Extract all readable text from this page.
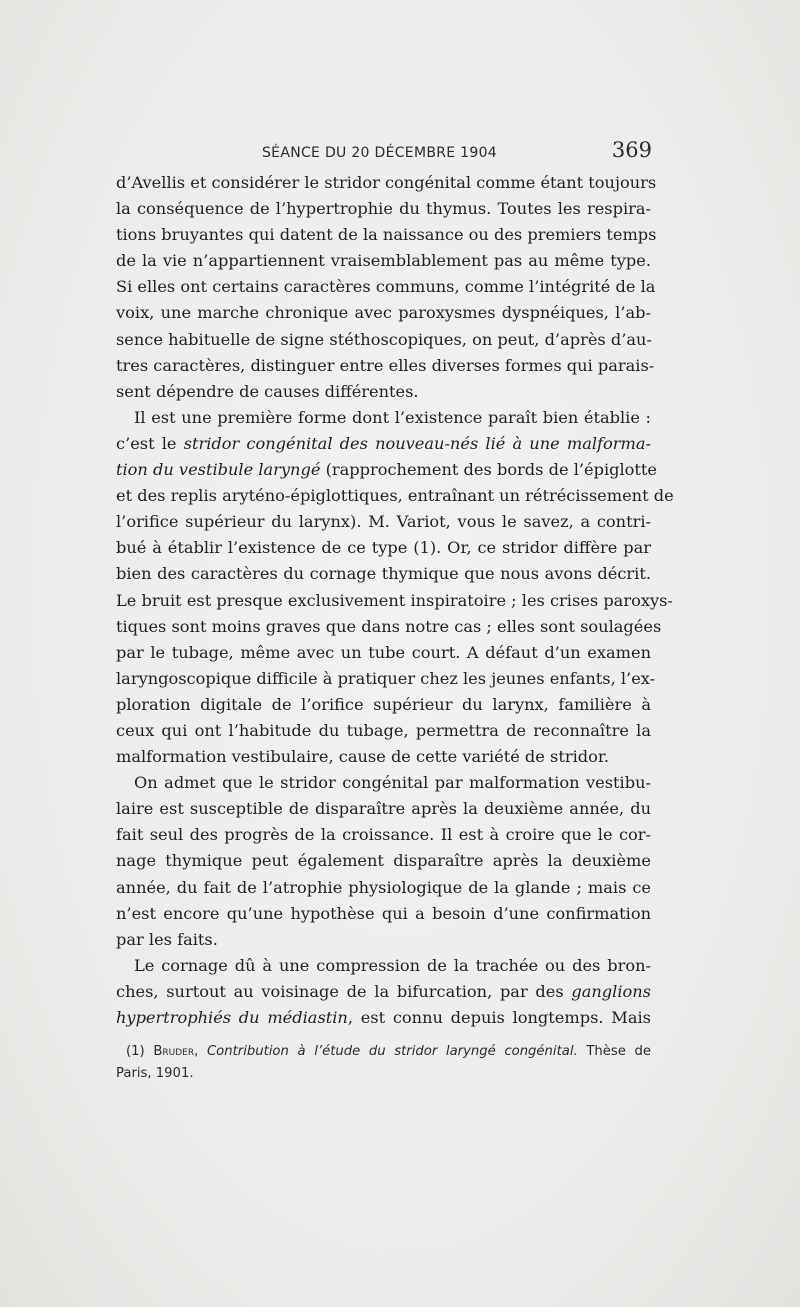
SÉANCE DU 20 DÉCEMBRE 1904	369
d’Avellis et considérer le stridor congénital comme étant toujours
la conséquence de l’hypertrophie du thymus. Toutes les respira-
tions bruyantes qui datent de la naissance ou des premiers temps
de la vie n’appartiennent vraisemblablement pas au même type.
Si elles ont certains caractères communs, comme l’intégrité de la
voix, une marche chronique avec paroxysmes dyspnéiques, l’ab-
sence habituelle de signe stéthoscopiques, on peut, d’après d’au-
tres caractères, distinguer entre elles diverses formes qui parais-
sent dépendre de causes différentes.
Il est une première forme dont l’existence paraît bien établie :
c’est le stridor congénital des nouveau-nés lié à une malforma-
tion du vestibule laryngé (rapprochement des bords de l’épiglotte
et des replis aryténo-épiglottiques, entraînant un rétrécissement de
l’orifice supérieur du larynx). M. Variot, vous le savez, a contri-
bué à établir l’existence de ce type (1). Or, ce stridor diffère par
bien des caractères du cornage thymique que nous avons décrit.
Le bruit est presque exclusivement inspiratoire ; les crises paroxys-
tiques sont moins graves que dans notre cas ; elles sont soulagées
par le tubage, même avec un tube court. A défaut d’un examen
laryngoscopique difficile à pratiquer chez les jeunes enfants, l’ex-
ploration digitale de l’orifice supérieur du larynx, familière à
ceux qui ont l’habitude du tubage, permettra de reconnaître la
malformation vestibulaire, cause de cette variété de stridor.
On admet que le stridor congénital par malformation vestibu-
laire est susceptible de disparaître après la deuxième année, du
fait seul des progrès de la croissance. Il est à croire que le cor-
nage thymique peut également disparaître après la deuxième
année, du fait de l’atrophie physiologique de la glande ; mais ce
n’est encore qu’une hypothèse qui a besoin d’une confirmation
par les faits.
Le cornage dû à une compression de la trachée ou des bron-
ches, surtout au voisinage de la bifurcation, par des ganglions
hypertrophiés du médiastin, est connu depuis longtemps. Mais
(1) Bruder, Contribution à l’étude du stridor laryngé congénital. Thèse de
Paris, 1901.
